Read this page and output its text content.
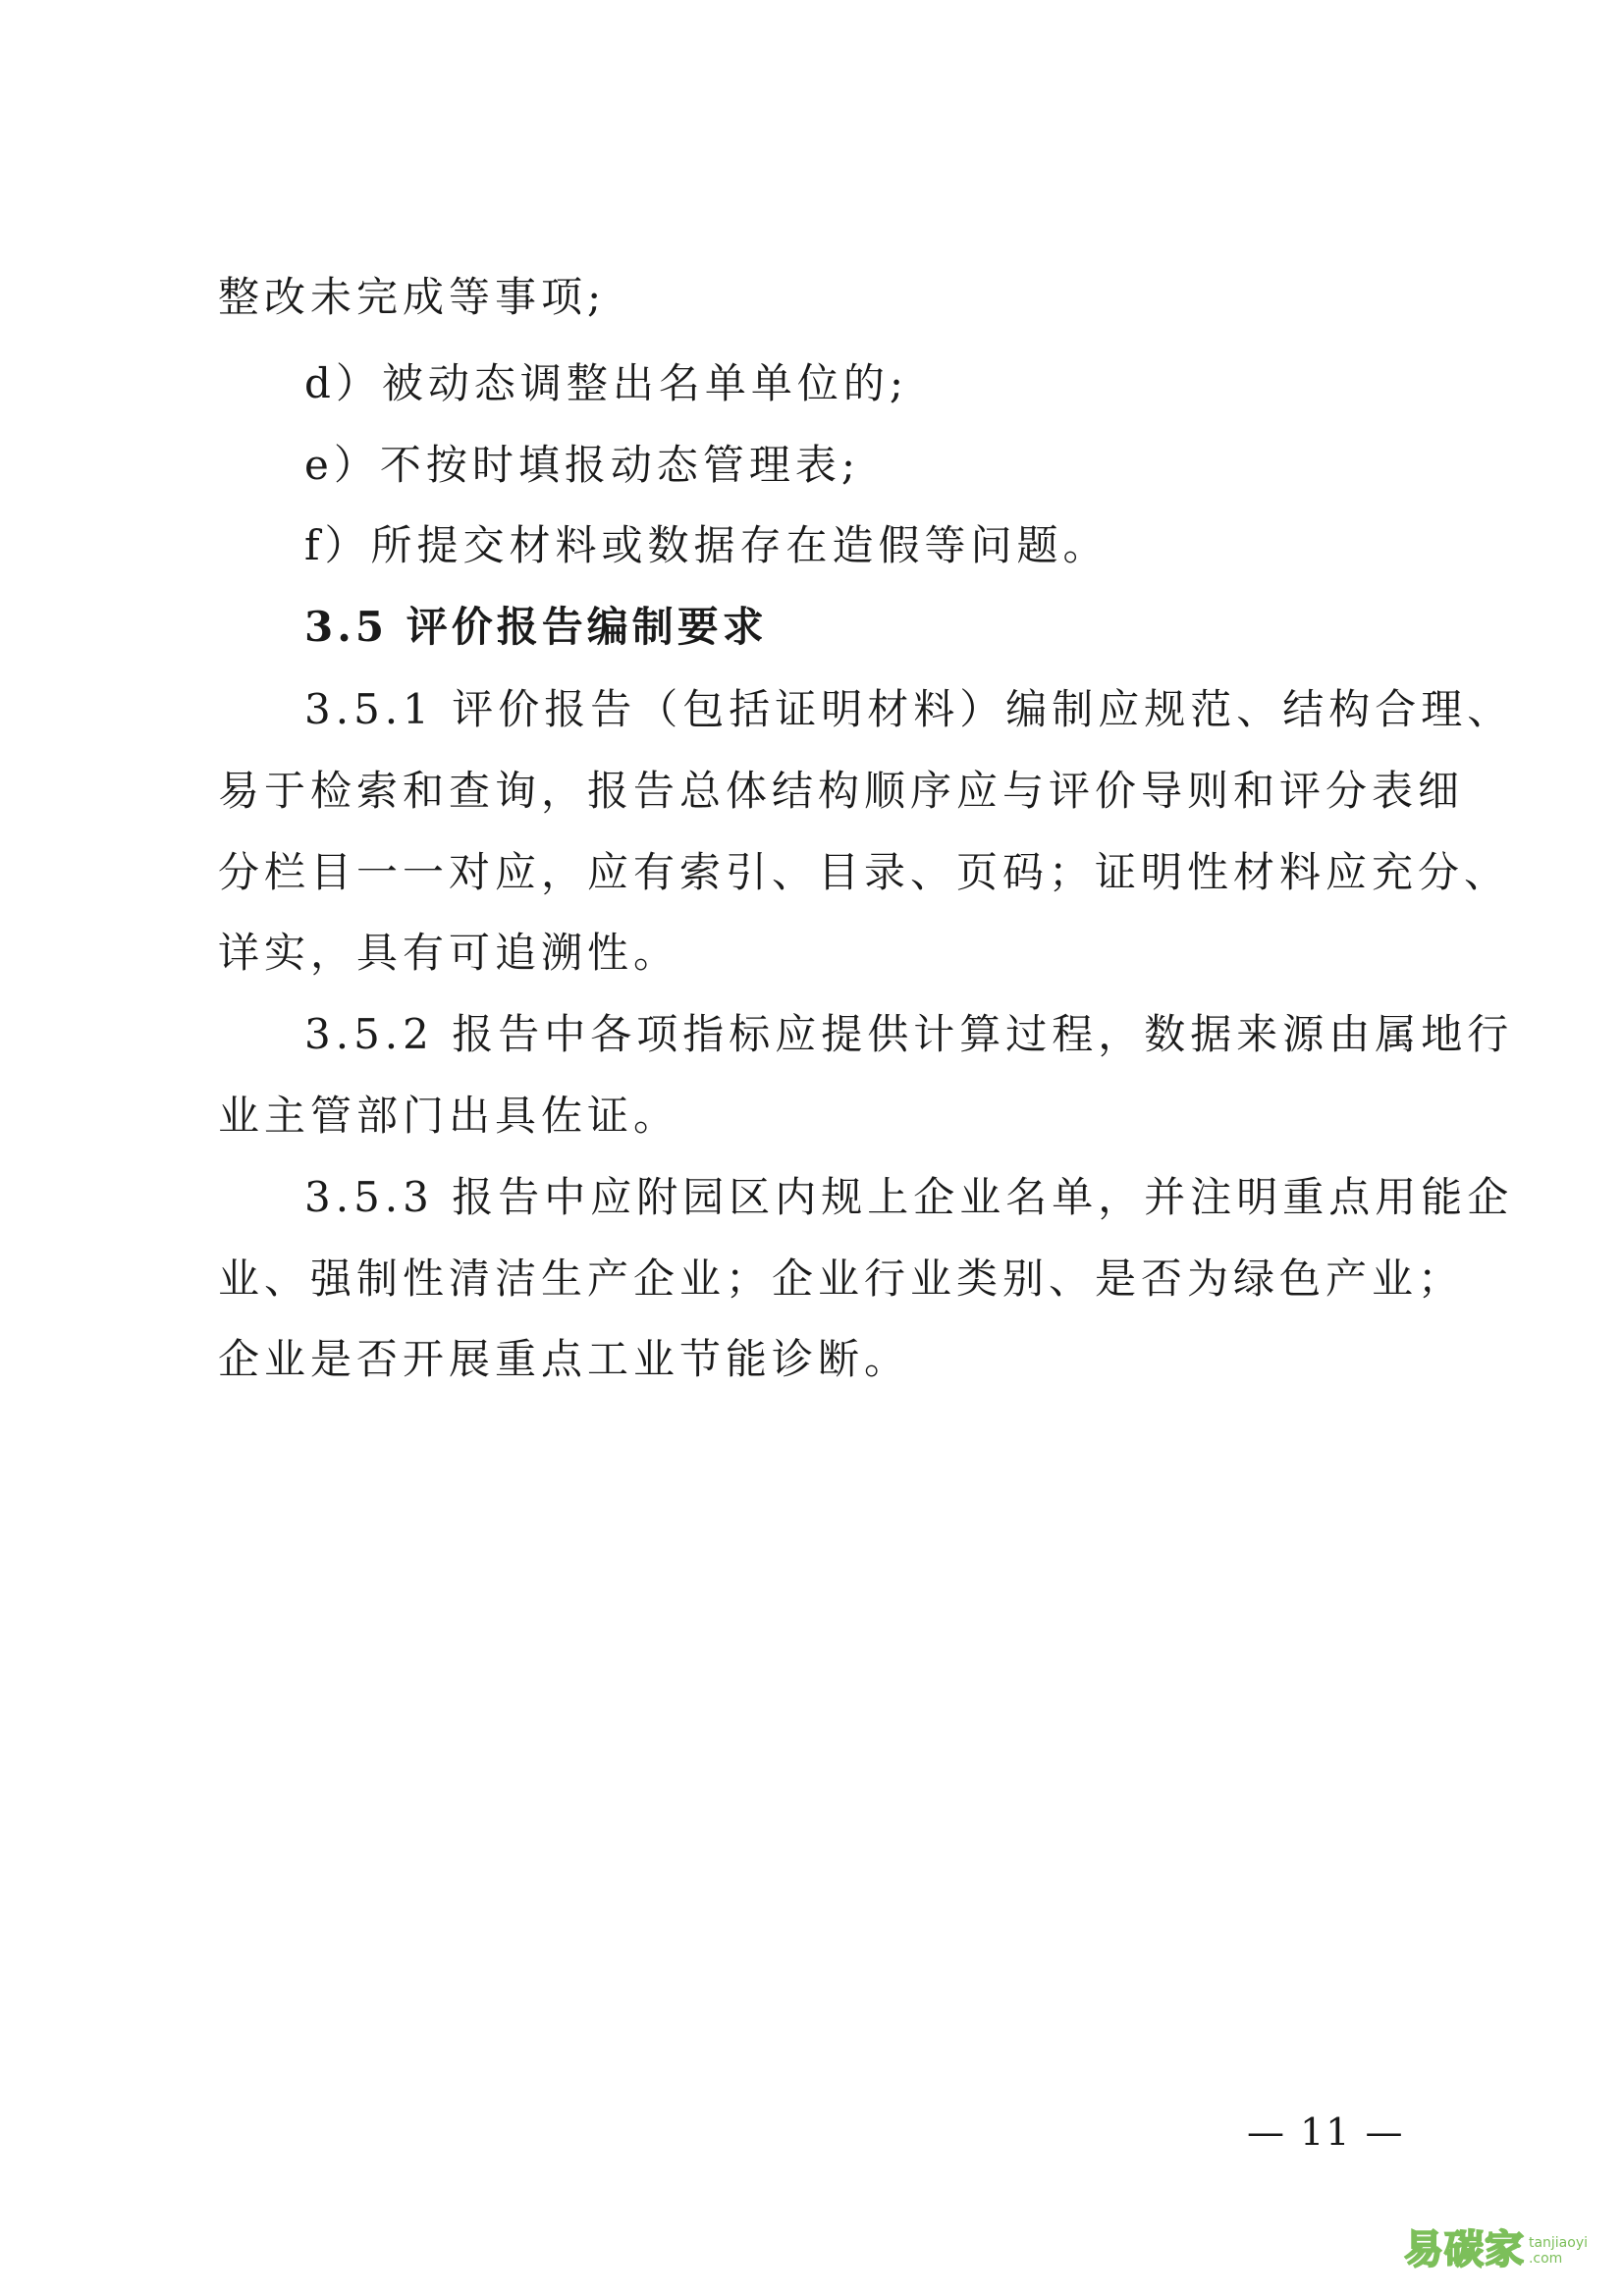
整改未完成等事项;
d）被动态调整出名单单位的;
e）不按时填报动态管理表;
f）所提交材料或数据存在造假等问题。
3.5 评价报告编制要求
3.5.1 评价报告（包括证明材料）编制应规范、结构合理、
易于检索和查询，报告总体结构顺序应与评价导则和评分表细
分栏目一一对应，应有索引、目录、页码；证明性材料应充分、
详实，具有可追溯性。
3.5.2 报告中各项指标应提供计算过程，数据来源由属地行
业主管部门出具佐证。
3.5.3 报告中应附园区内规上企业名单，并注明重点用能企
业、强制性清洁生产企业；企业行业类别、是否为绿色产业；
企业是否开展重点工业节能诊断。
— 11 —
易碳家 tanjiaoyi
.com
